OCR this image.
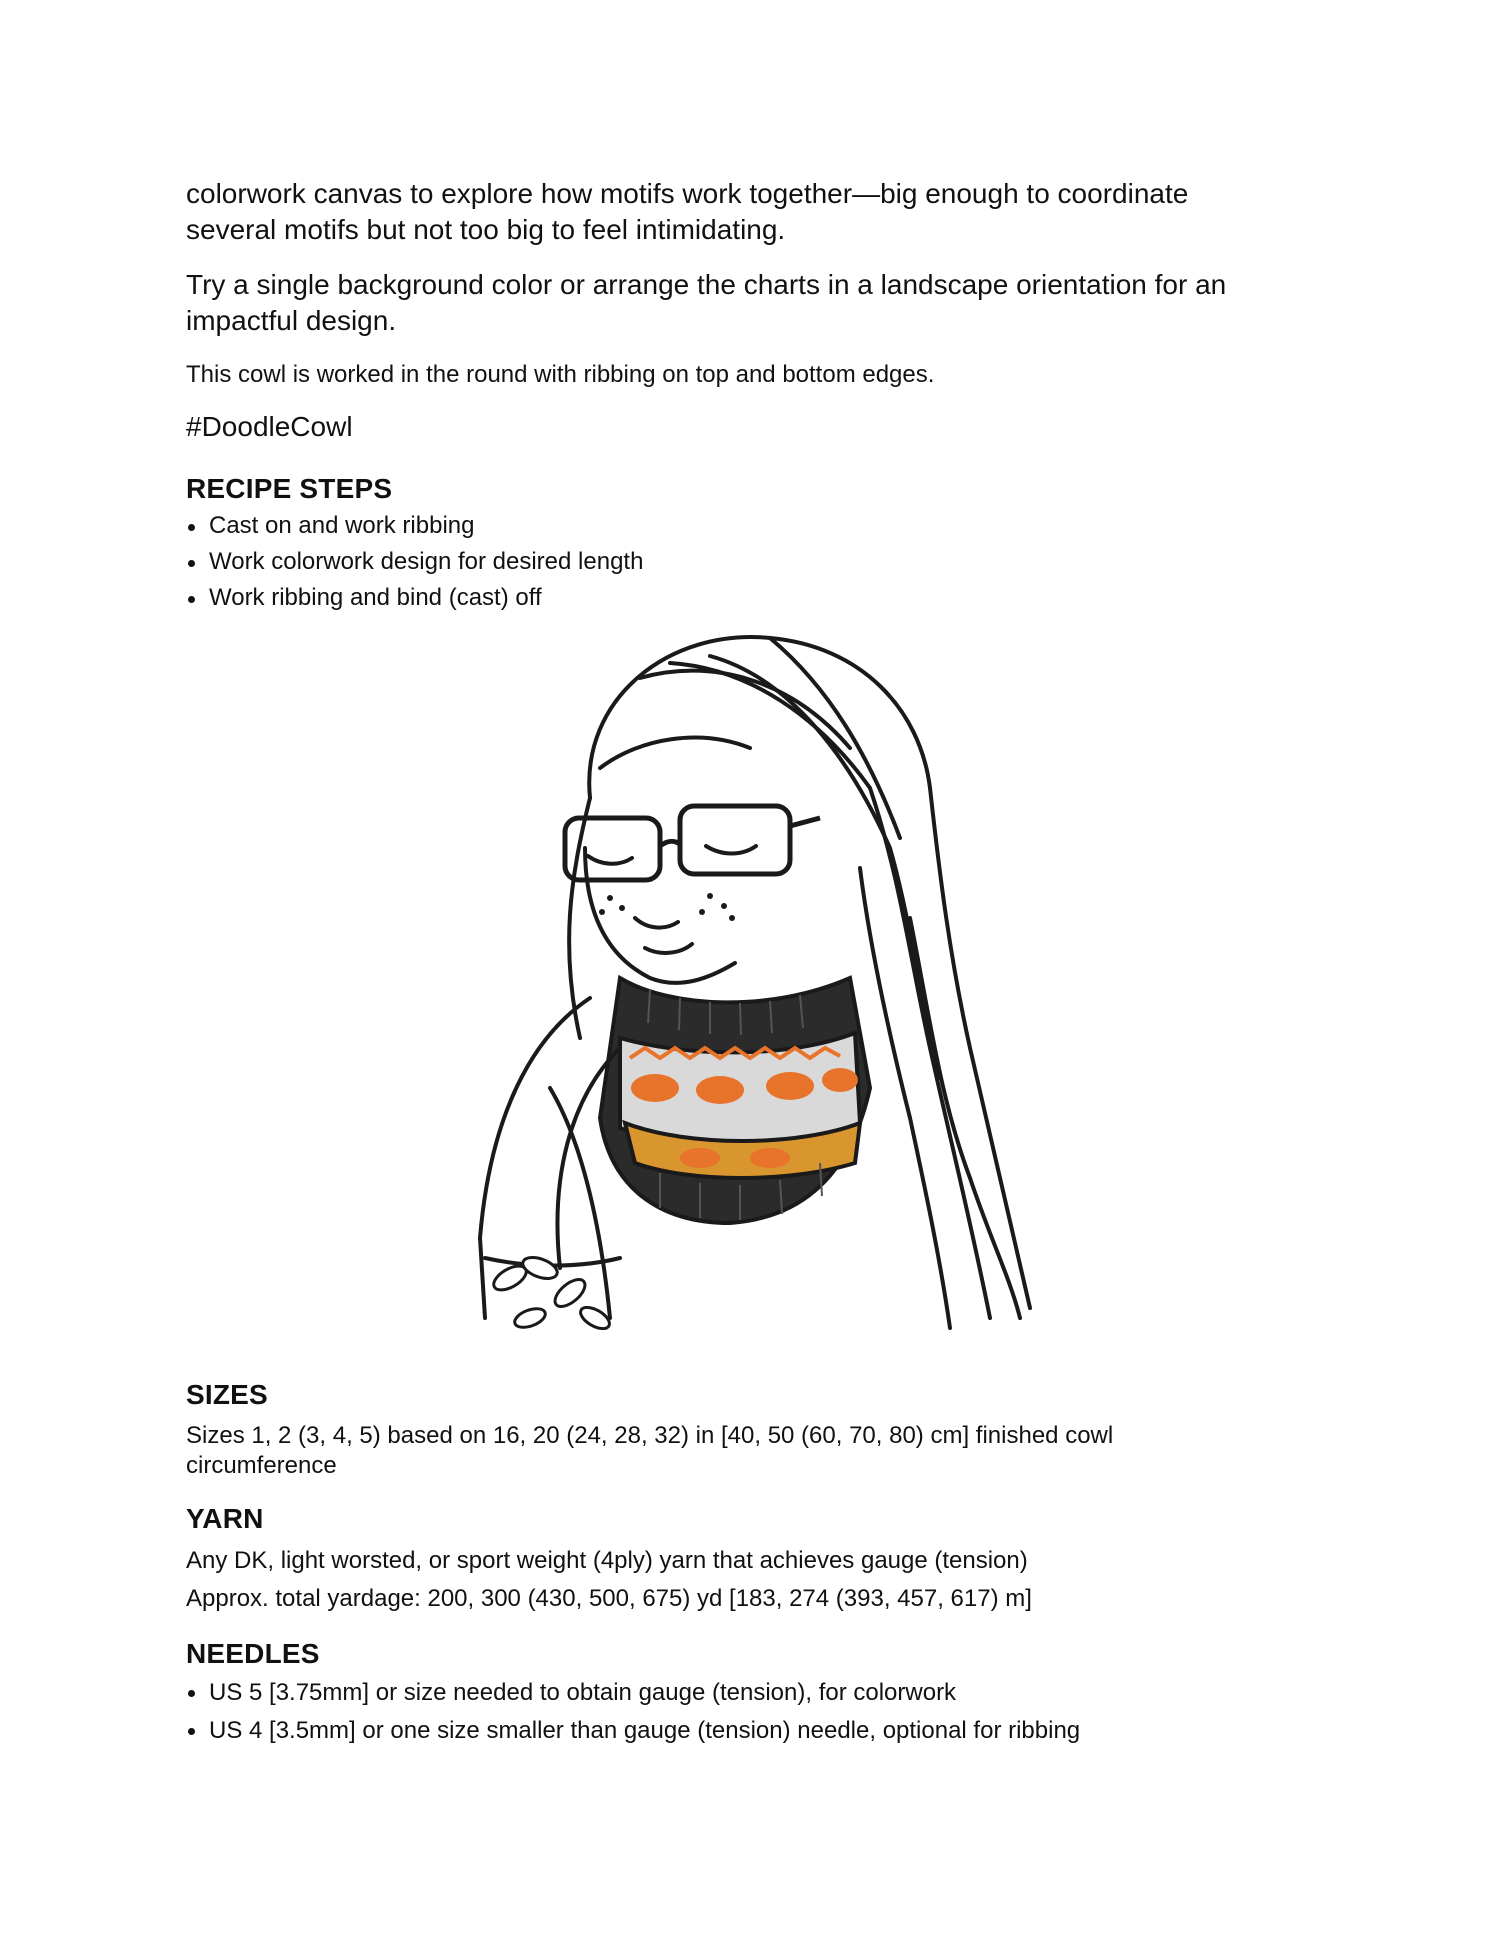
colorwork canvas to explore how motifs work together—big enough to coordinate

several motifs but not too big to feel intimidating.

Try a single background color or arrange the charts in a landscape orientation for an

impactful design.

This cowl is worked in the round with ribbing on top and bottom edges.

#DoodleCowl

RECIPE STEPS
Cast on and work ribbing
Work colorwork design for desired length
Work ribbing and bind (cast) off
SIZES

Sizes 1, 2 (3, 4, 5) based on 16, 20 (24, 28, 32) in [40, 50 (60, 70, 80) cm] finished cowl

circumference

YARN

Any DK, light worsted, or sport weight (4ply) yarn that achieves gauge (tension)

Approx. total yardage: 200, 300 (430, 500, 675) yd [183, 274 (393, 457, 617) m]

NEEDLES
US 5 [3.75mm] or size needed to obtain gauge (tension), for colorwork
US 4 [3.5mm] or one size smaller than gauge (tension) needle, optional for ribbing
